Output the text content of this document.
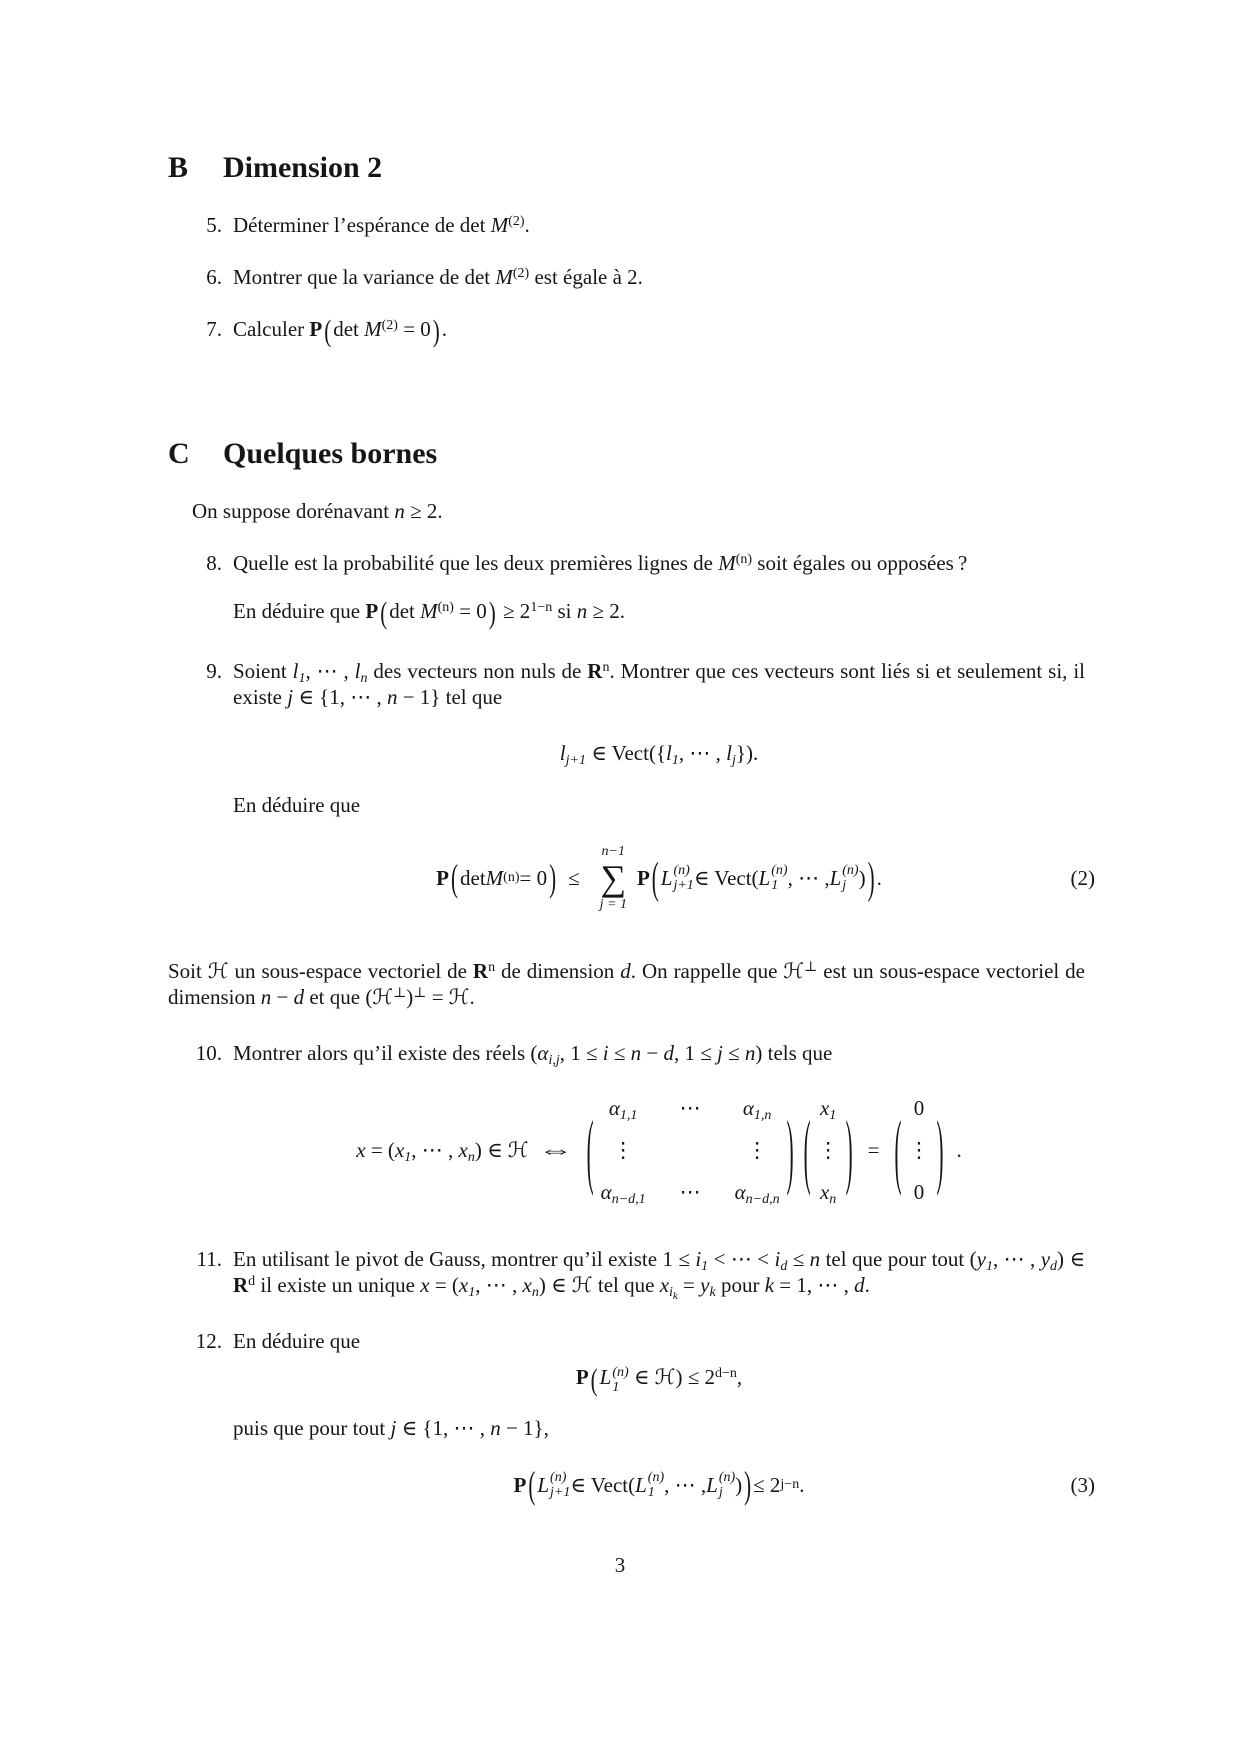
B	Dimension 2
5. Déterminer l’espérance de $\det M^{(2)}$.
6. Montrer que la variance de $\det M^{(2)}$ est égale à 2.
7. Calculer P(det $M^{(2)} = 0$).
C	Quelques bornes

On suppose dorénavant n ≥ 2.

8. Quelle est la probabilité que les deux premières lignes de $M^{(n)}$ soit égales ou opposées ?
En déduire que P(det $M^{(n)} = 0) \ge 2^{1-n}$ si n ≥ 2.
9. Soient l1, ⋯ , ln des vecteurs non nuls de $R^n$. Montrer que ces vecteurs sont liés si et seulement si, il existe j ∈ {1, ⋯ , n − 1} tel que
lj+1 ∈ Vect({l1, ⋯ , lj}).
En déduire que
P ( det M (n) = 0 ) ≤
n−1
∑
j = 1
P ( L (n)
j+1 ∈ Vect( L (n)
1 , ⋯ , L (n)
j ) ) .	(2)

Soit ℋ un sous-espace vectoriel de $R^n$ de dimension d. On rappelle que ℋ⊥ est un sous-espace vectoriel de dimension n − d et que (ℋ⊥)⊥ = ℋ.

10. Montrer alors qu’il existe des réels (αi,j, 1 ≤ i ≤ n − d, 1 ≤ j ≤ n) tels que
x = (x1, ⋯ , xn) ∈ ℋ ⇔ ( α1,1 ⋯ α1,n
⋮	⋮
αn−d,1 ⋯ αn−d,n
) ( x1
⋮
xn
) = ( 0
⋮
0 ) .
11. En utilisant le pivot de Gauss, montrer qu’il existe 1 ≤ i1 < ⋯ < id ≤ n tel que pour tout (y1, ⋯ , yd) ∈ $R^d$ il existe un unique x = (x1, ⋯ , xn) ∈ ℋ tel que $xi_k$ = yk pour k = 1, ⋯ , d.
12. En déduire que
P(L (n)
1 ∈ ℋ) ≤ $2^{d-n}$,
puis que pour tout j ∈ {1, ⋯ , n − 1},
P ( L (n)
j+1 ∈ Vect( L (n)
1 , ⋯ , L (n)
j ) ) ≤ 2 j−n .	(3)
3
